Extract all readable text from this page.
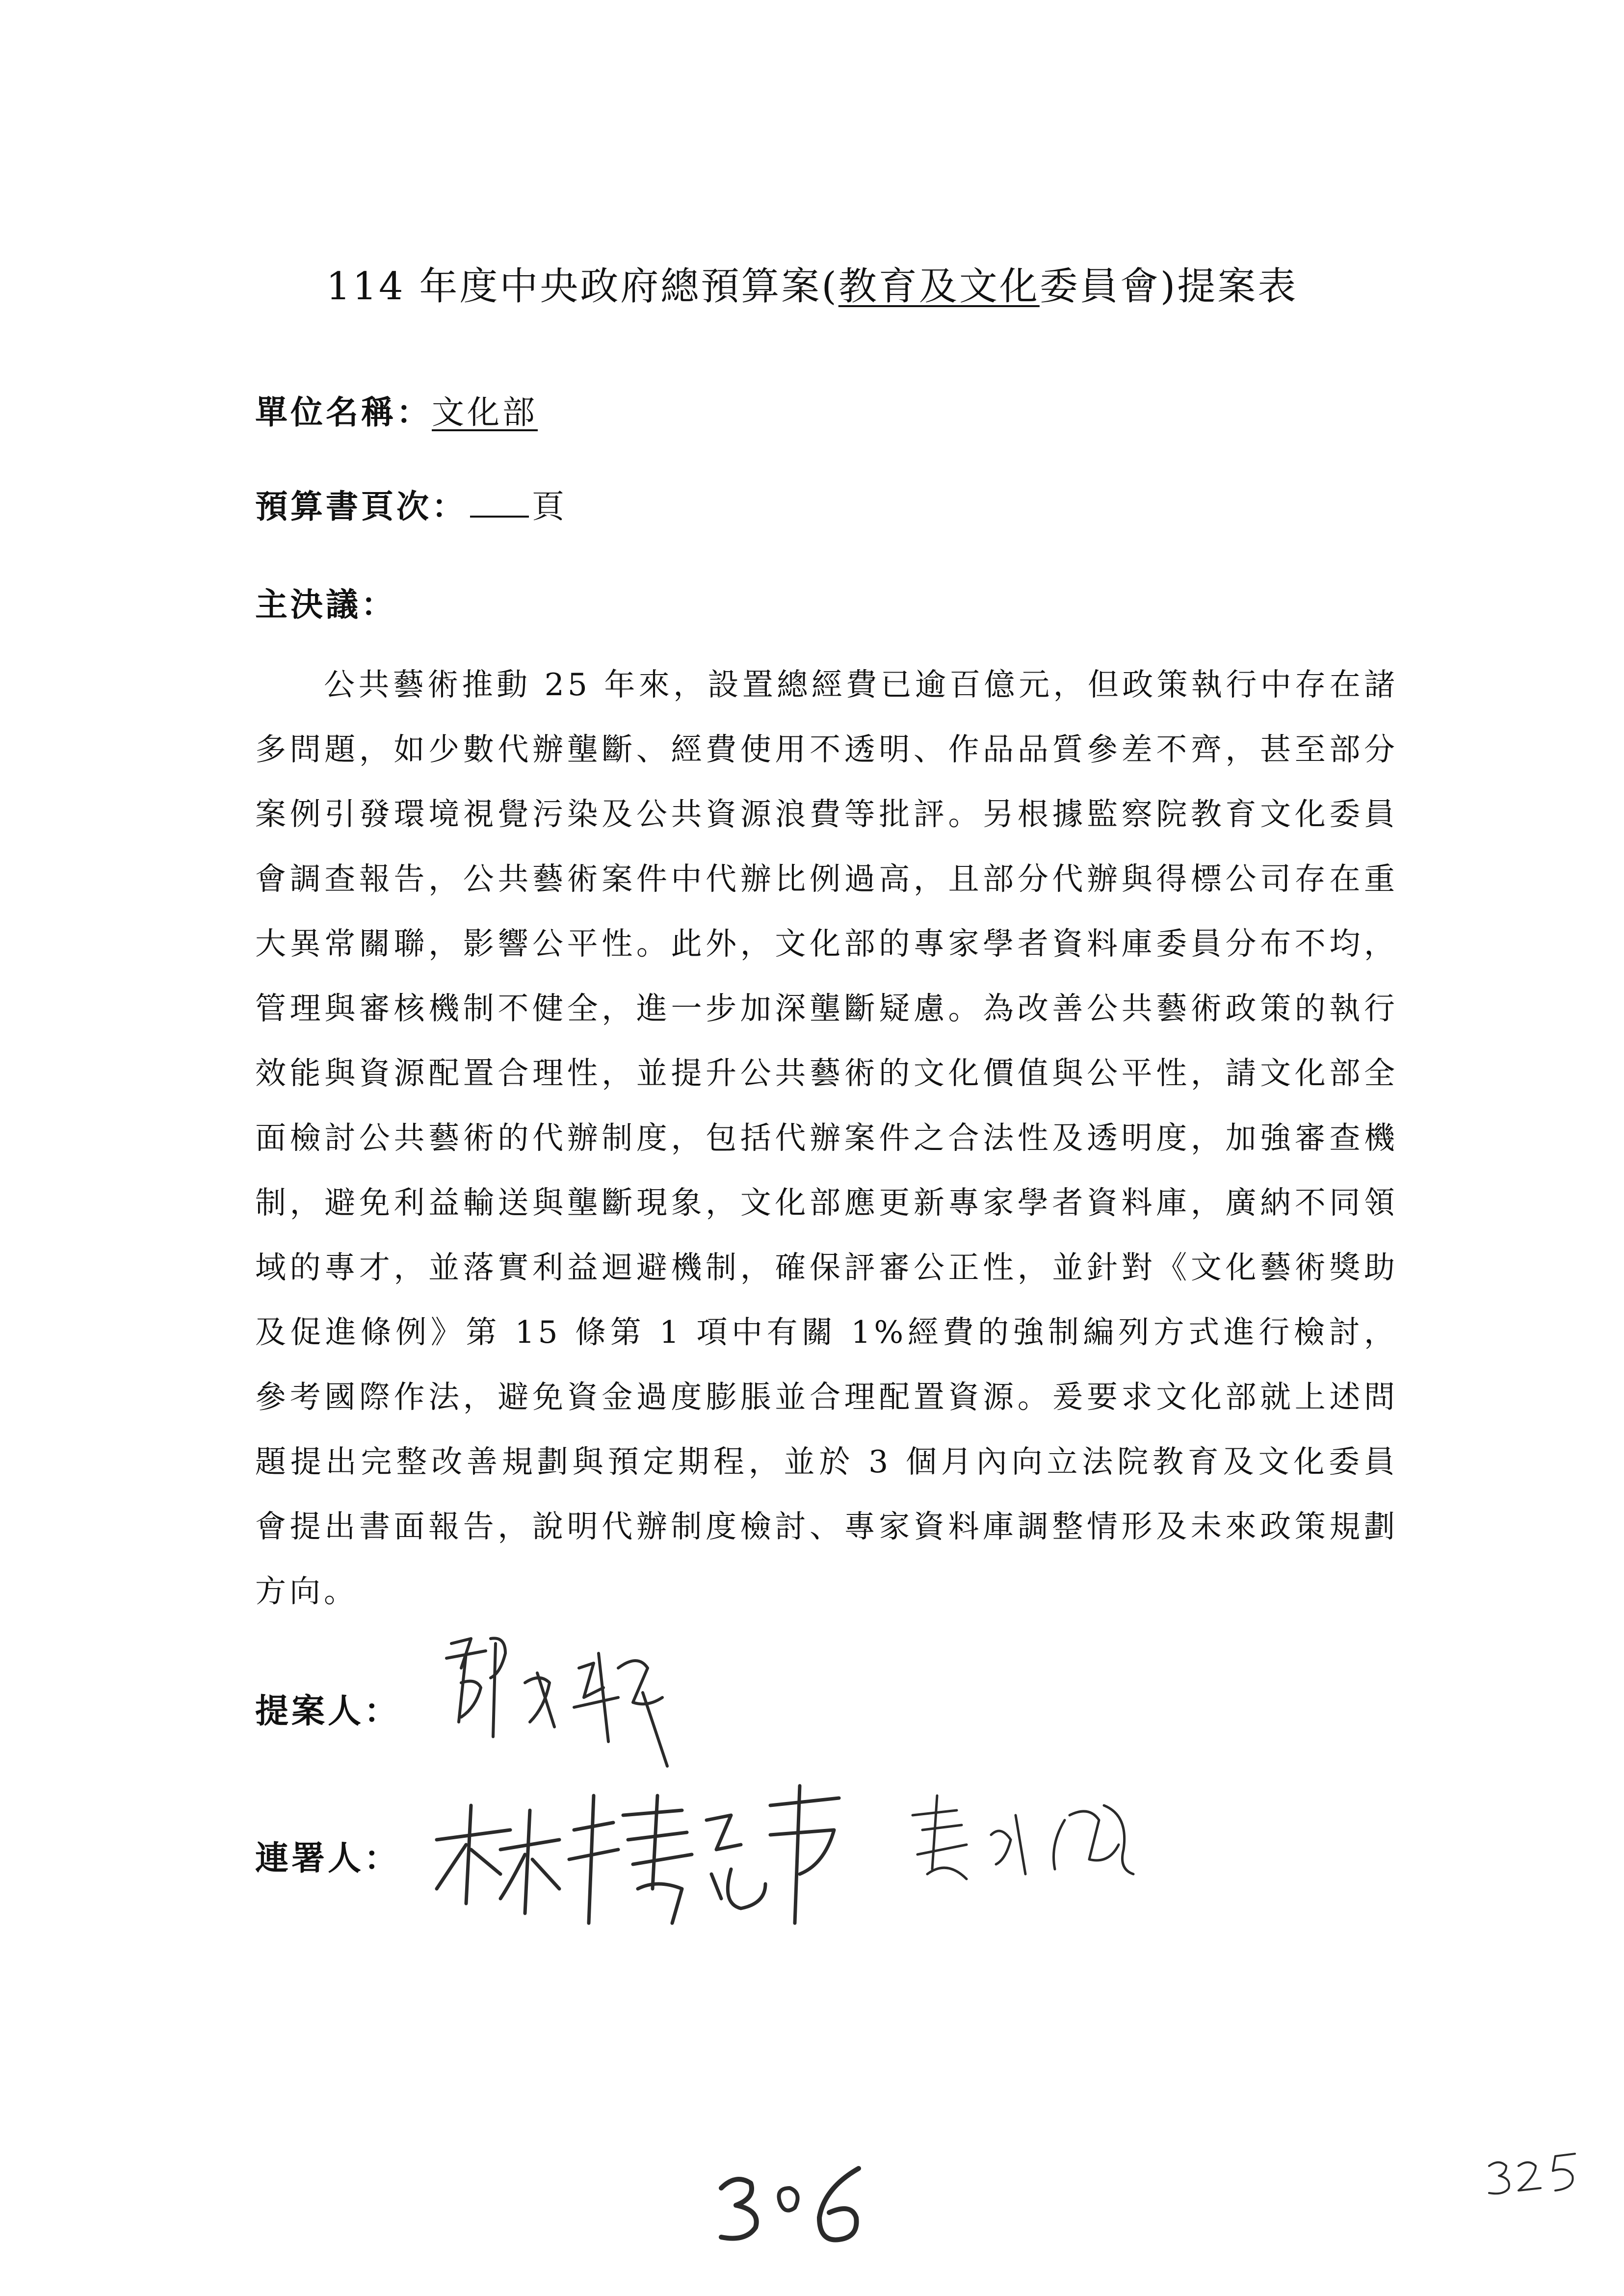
114 年度中央政府總預算案(教育及文化委員會)提案表
單位名稱：文化部
預算書頁次： 頁
主決議：

公共藝術推動 25 年來，設置總經費已逾百億元，但政策執行中存在諸多問題，如少數代辦壟斷、經費使用不透明、作品品質參差不齊，甚至部分案例引發環境視覺污染及公共資源浪費等批評。另根據監察院教育文化委員會調查報告，公共藝術案件中代辦比例過高，且部分代辦與得標公司存在重大異常關聯，影響公平性。此外，文化部的專家學者資料庫委員分布不均，管理與審核機制不健全，進一步加深壟斷疑慮。為改善公共藝術政策的執行效能與資源配置合理性，並提升公共藝術的文化價值與公平性，請文化部全面檢討公共藝術的代辦制度，包括代辦案件之合法性及透明度，加強審查機制，避免利益輸送與壟斷現象，文化部應更新專家學者資料庫，廣納不同領域的專才，並落實利益迴避機制，確保評審公正性，並針對《文化藝術獎助及促進條例》第 15 條第 1 項中有關 1%經費的強制編列方式進行檢討，參考國際作法，避免資金過度膨脹並合理配置資源。爰要求文化部就上述問題提出完整改善規劃與預定期程，並於 3 個月內向立法院教育及文化委員會提出書面報告，說明代辦制度檢討、專家資料庫調整情形及未來政策規劃方向。

提案人：
連署人：
